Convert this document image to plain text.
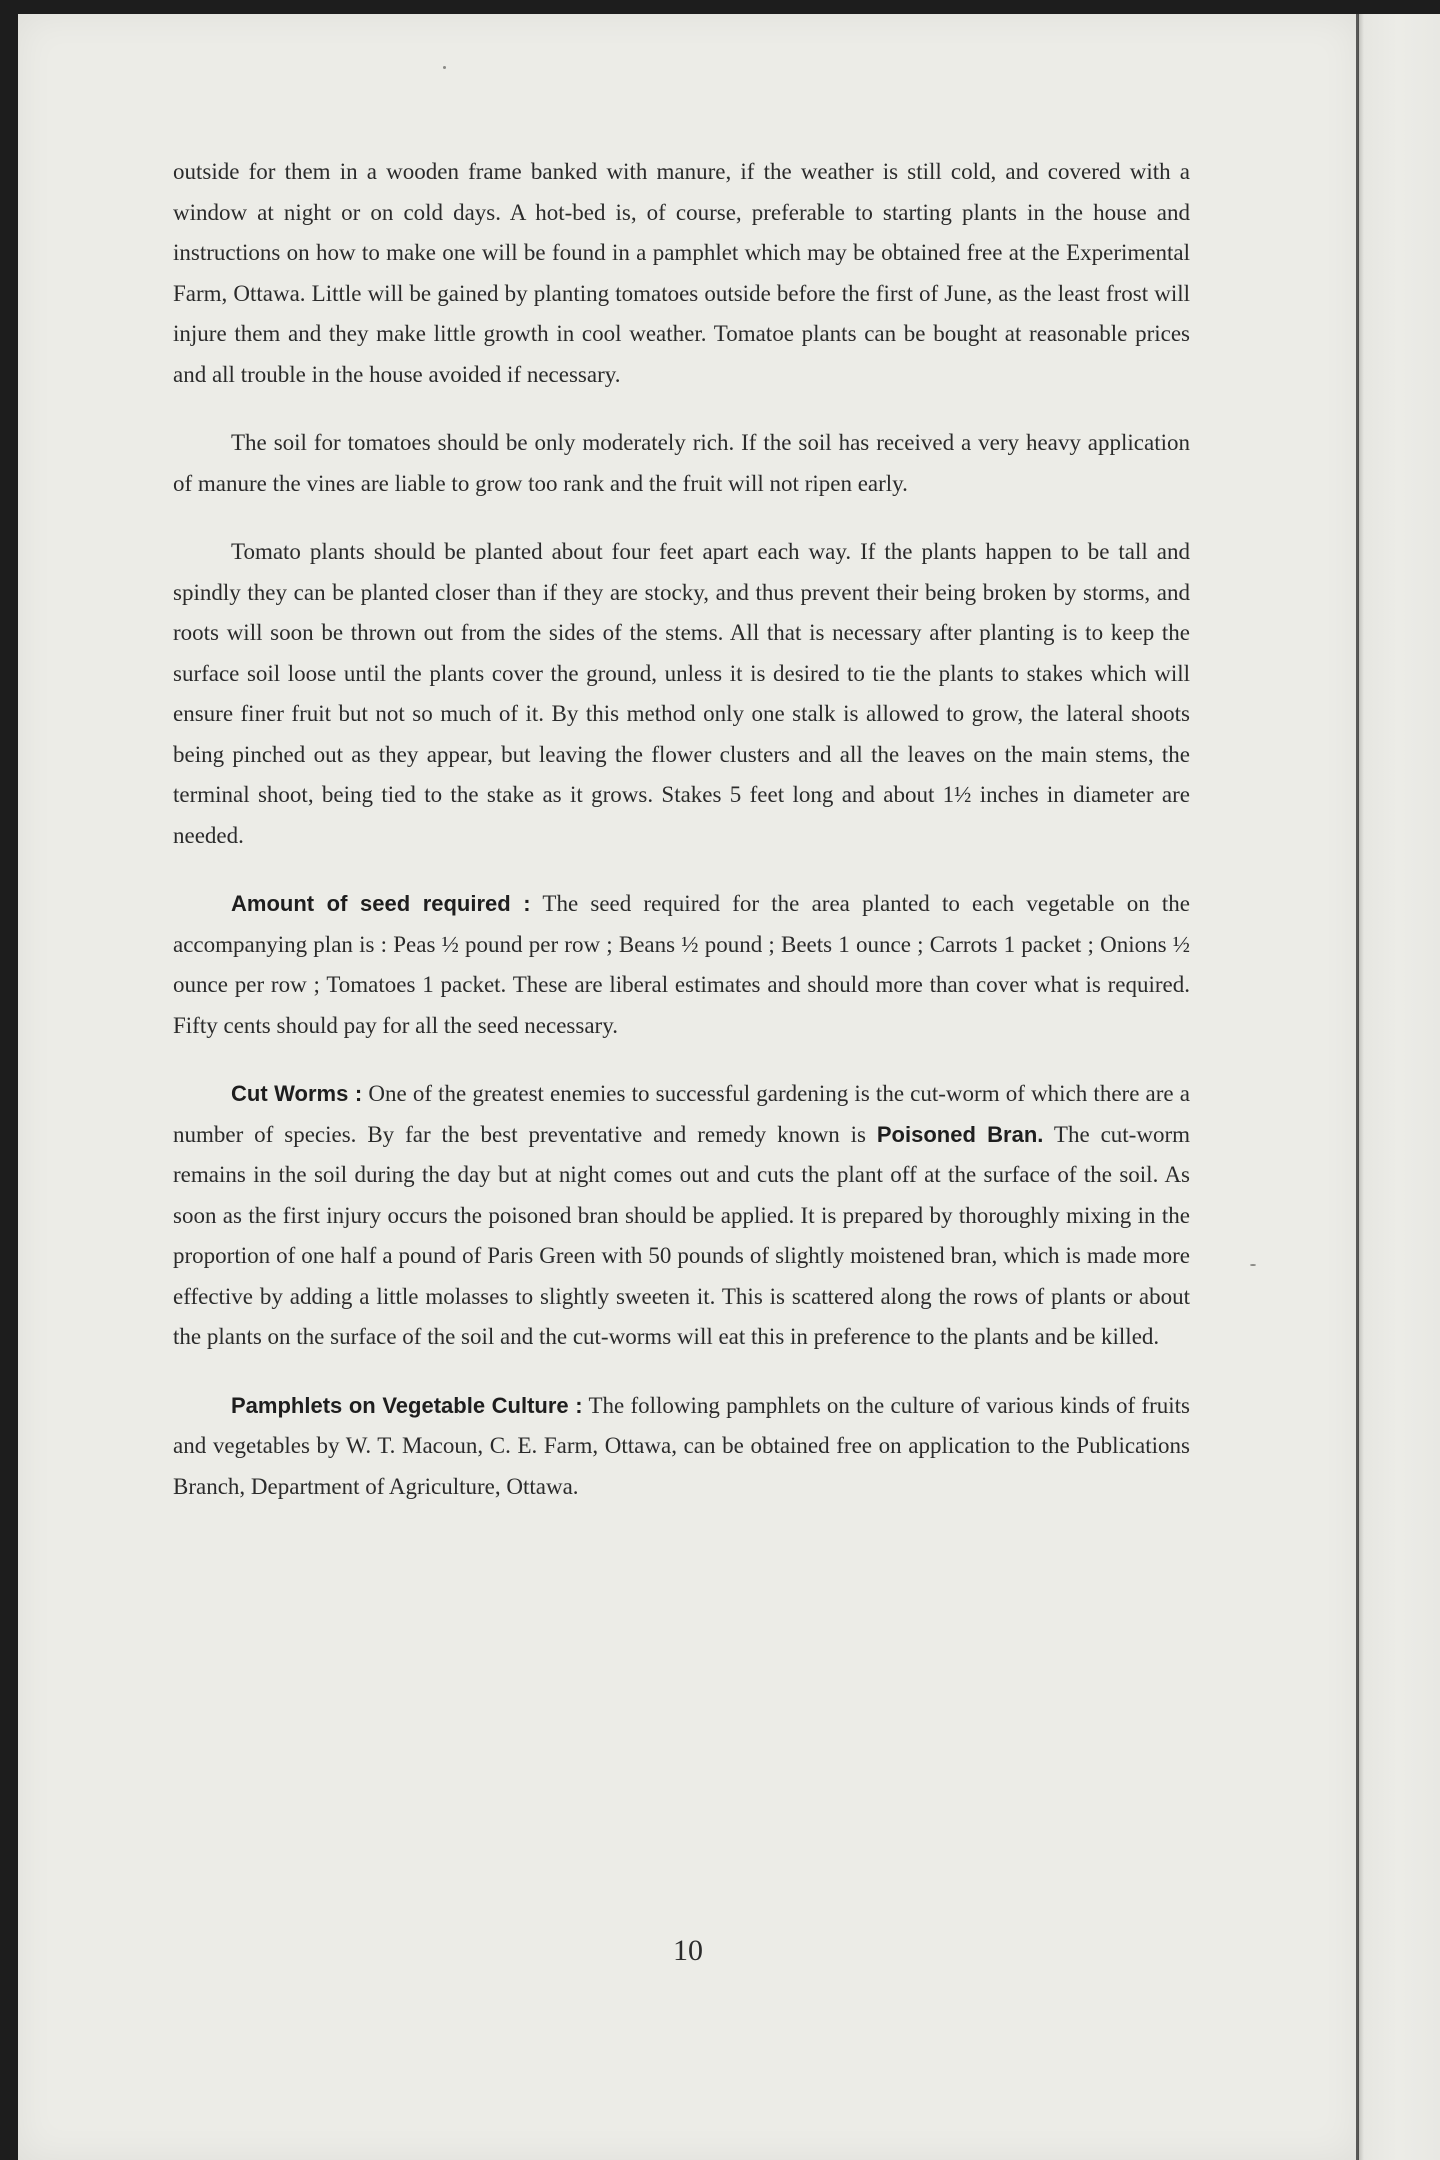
outside for them in a wooden frame banked with manure, if the weather is still cold, and covered with a window at night or on cold days. A hot-bed is, of course, preferable to starting plants in the house and instructions on how to make one will be found in a pamphlet which may be obtained free at the Experimental Farm, Ottawa. Little will be gained by planting tomatoes outside before the first of June, as the least frost will injure them and they make little growth in cool weather. Tomatoe plants can be bought at reasonable prices and all trouble in the house avoided if necessary.

The soil for tomatoes should be only moderately rich. If the soil has received a very heavy application of manure the vines are liable to grow too rank and the fruit will not ripen early.

Tomato plants should be planted about four feet apart each way. If the plants happen to be tall and spindly they can be planted closer than if they are stocky, and thus prevent their being broken by storms, and roots will soon be thrown out from the sides of the stems. All that is necessary after planting is to keep the surface soil loose until the plants cover the ground, unless it is desired to tie the plants to stakes which will ensure finer fruit but not so much of it. By this method only one stalk is allowed to grow, the lateral shoots being pinched out as they appear, but leaving the flower clusters and all the leaves on the main stems, the terminal shoot, being tied to the stake as it grows. Stakes 5 feet long and about 1½ inches in diameter are needed.

Amount of seed required : The seed required for the area planted to each vegetable on the accompanying plan is : Peas ½ pound per row ; Beans ½ pound ; Beets 1 ounce ; Carrots 1 packet ; Onions ½ ounce per row ; Tomatoes 1 packet. These are liberal estimates and should more than cover what is required. Fifty cents should pay for all the seed necessary.

Cut Worms : One of the greatest enemies to successful gardening is the cut-worm of which there are a number of species. By far the best preventative and remedy known is Poisoned Bran. The cut-worm remains in the soil during the day but at night comes out and cuts the plant off at the surface of the soil. As soon as the first injury occurs the poisoned bran should be applied. It is prepared by thoroughly mixing in the proportion of one half a pound of Paris Green with 50 pounds of slightly moistened bran, which is made more effective by adding a little molasses to slightly sweeten it. This is scattered along the rows of plants or about the plants on the surface of the soil and the cut-worms will eat this in preference to the plants and be killed.

Pamphlets on Vegetable Culture : The following pamphlets on the culture of various kinds of fruits and vegetables by W. T. Macoun, C. E. Farm, Ottawa, can be obtained free on application to the Publications Branch, Department of Agriculture, Ottawa.

10
